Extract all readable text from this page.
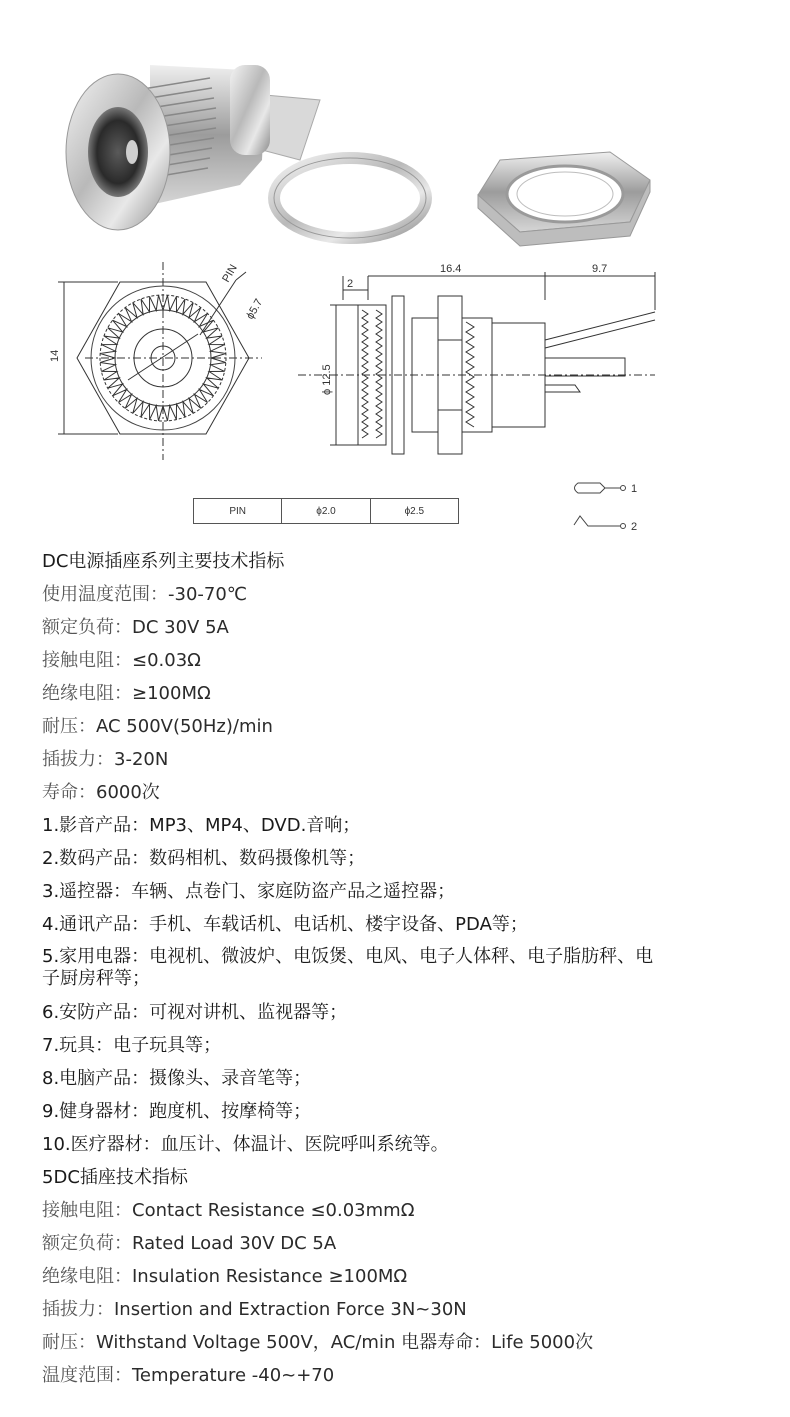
14
PIN
ϕ5.7
2
16.4	9.7
ϕ 12.5
PIN	ϕ2.0	ϕ2.5
1
2
DC电源插座系列主要技术指标
使用温度范围：-30-70℃
额定负荷：DC 30V 5A
接触电阻：≤0.03Ω
绝缘电阻：≥100MΩ
耐压：AC 500V(50Hz)/min
插拔力：3-20N
寿命：6000次
1.影音产品：MP3、MP4、DVD.音响；
2.数码产品：数码相机、数码摄像机等；
3.遥控器：车辆、点卷门、家庭防盗产品之遥控器；
4.通讯产品：手机、车载话机、电话机、楼宇设备、PDA等；
5.家用电器：电视机、微波炉、电饭煲、电风、电子人体秤、电子脂肪秤、电子厨房秤等；
6.安防产品：可视对讲机、监视器等；
7.玩具：电子玩具等；
8.电脑产品：摄像头、录音笔等；
9.健身器材：跑度机、按摩椅等；
10.医疗器材：血压计、体温计、医院呼叫系统等。
5DC插座技术指标
接触电阻：Contact Resistance ≤0.03mmΩ
额定负荷：Rated Load 30V DC 5A
绝缘电阻：Insulation Resistance ≥100MΩ
插拔力：Insertion and Extraction Force 3N~30N
耐压：Withstand Voltage 500V，AC/min 电器寿命：Life 5000次
温度范围：Temperature -40~+70
